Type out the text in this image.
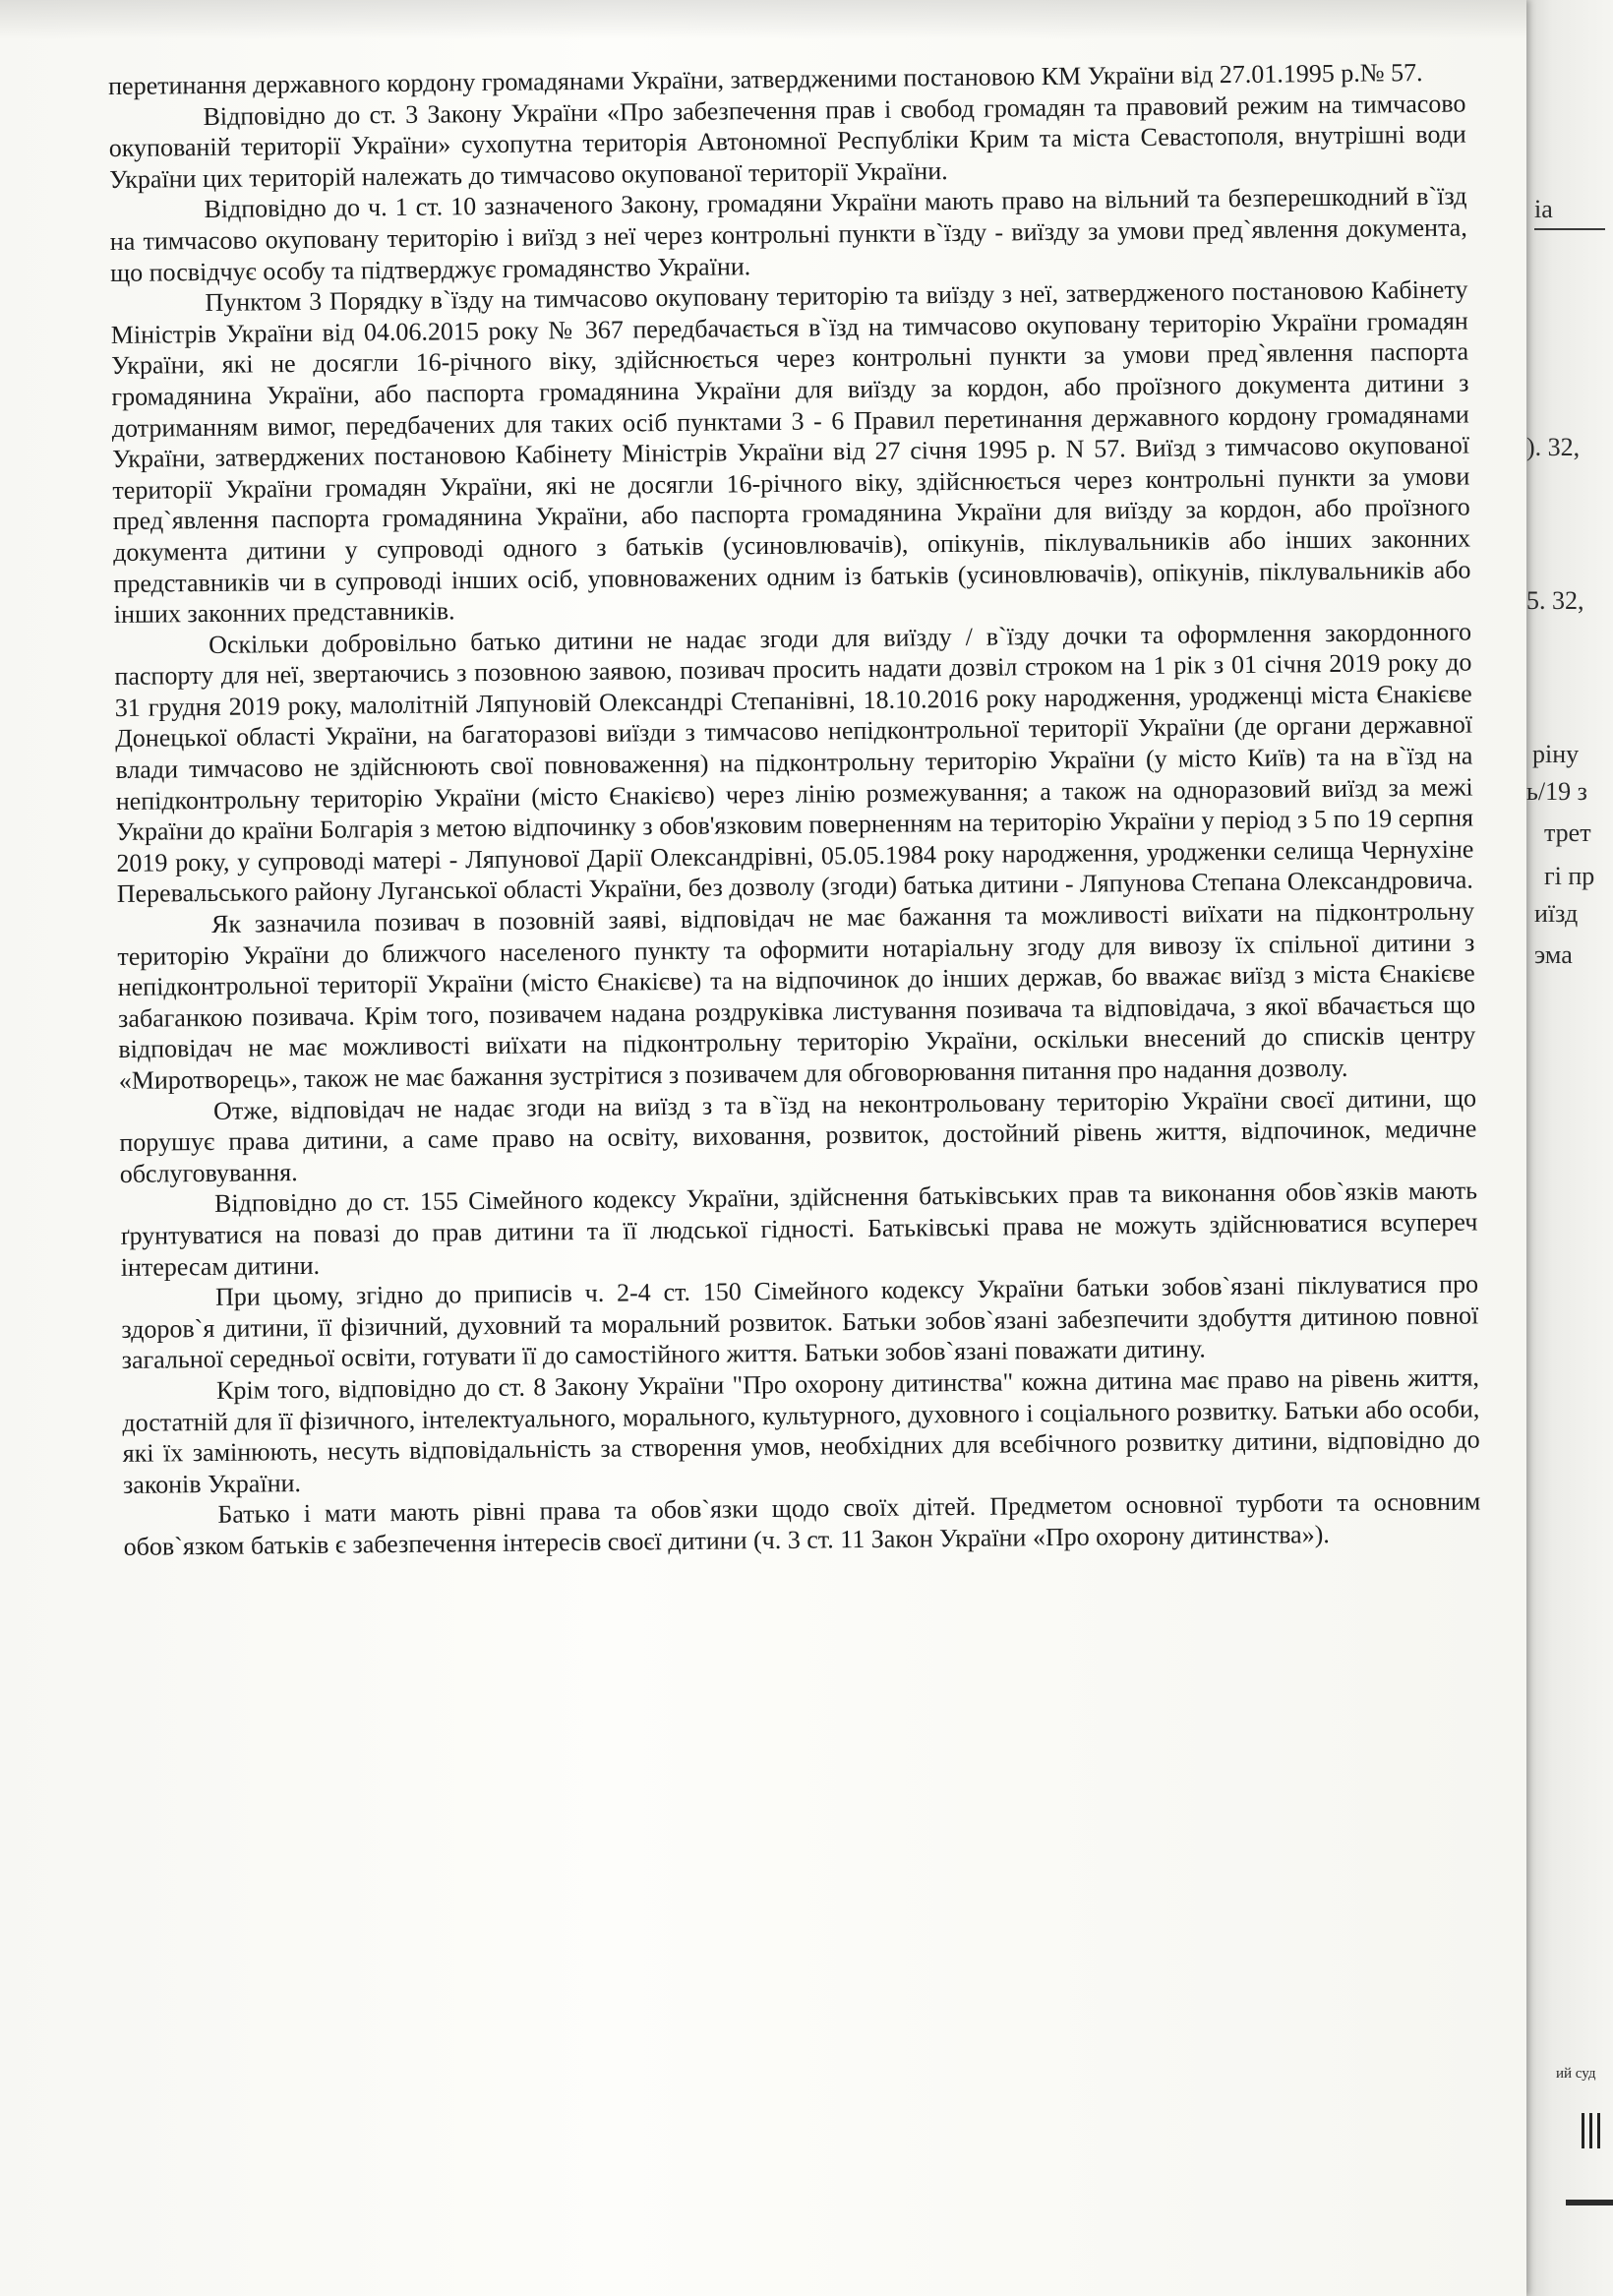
іа
). 32,
5. 32,
ріну
ь/19 з
трет
гі пр
иїзд
эма
ий суд

перетинання державного кордону громадянами України, затвердженими постановою КМ України від 27.01.1995 р.№ 57.

Відповідно до ст. 3 Закону України «Про забезпечення прав і свобод громадян та правовий режим на тимчасово окупованій території України» сухопутна територія Автономної Республіки Крим та міста Севастополя, внутрішні води України цих територій належать до тимчасово окупованої території України.

Відповідно до ч. 1 ст. 10 зазначеного Закону, громадяни України мають право на вільний та безперешкодний в`їзд на тимчасово окуповану територію і виїзд з неї через контрольні пункти в`їзду - виїзду за умови пред`явлення документа, що посвідчує особу та підтверджує громадянство України.

Пунктом 3 Порядку в`їзду на тимчасово окуповану територію та виїзду з неї, затвердженого постановою Кабінету Міністрів України від 04.06.2015 року № 367 передбачається в`їзд на тимчасово окуповану територію України громадян України, які не досягли 16-річного віку, здійснюється через контрольні пункти за умови пред`явлення паспорта громадянина України, або паспорта громадянина України для виїзду за кордон, або проїзного документа дитини з дотриманням вимог, передбачених для таких осіб пунктами 3 - 6 Правил перетинання державного кордону громадянами України, затверджених постановою Кабінету Міністрів України від 27 січня 1995 р. N 57. Виїзд з тимчасово окупованої території України громадян України, які не досягли 16-річного віку, здійснюється через контрольні пункти за умови пред`явлення паспорта громадянина України, або паспорта громадянина України для виїзду за кордон, або проїзного документа дитини у супроводі одного з батьків (усиновлювачів), опікунів, піклувальників або інших законних представників чи в супроводі інших осіб, уповноважених одним із батьків (усиновлювачів), опікунів, піклувальників або інших законних представників.

Оскільки добровільно батько дитини не надає згоди для виїзду / в`їзду дочки та оформлення закордонного паспорту для неї, звертаючись з позовною заявою, позивач просить надати дозвіл строком на 1 рік з 01 січня 2019 року до 31 грудня 2019 року, малолітній Ляпуновій Олександрі Степанівні, 18.10.2016 року народження, уродженці міста Єнакієве Донецької області України, на багаторазові виїзди з тимчасово непідконтрольної території України (де органи державної влади тимчасово не здійснюють свої повноваження) на підконтрольну територію України (у місто Київ) та на в`їзд на непідконтрольну територію України (місто Єнакієво) через лінію розмежування; а також на одноразовий виїзд за межі України до країни Болгарія з метою відпочинку з обов'язковим поверненням на територію України у період з 5 по 19 серпня 2019 року, у супроводі матері - Ляпунової Дарії Олександрівні, 05.05.1984 року народження, уродженки селища Чернухіне Перевальського району Луганської області України, без дозволу (згоди) батька дитини - Ляпунова Степана Олександровича.

Як зазначила позивач в позовній заяві, відповідач не має бажання та можливості виїхати на підконтрольну територію України до ближчого населеного пункту та оформити нотаріальну згоду для вивозу їх спільної дитини з непідконтрольної території України (місто Єнакієве) та на відпочинок до інших держав, бо вважає виїзд з міста Єнакієве забаганкою позивача. Крім того, позивачем надана роздруківка листування позивача та відповідача, з якої вбачається що відповідач не має можливості виїхати на підконтрольну територію України, оскільки внесений до списків центру «Миротворець», також не має бажання зустрітися з позивачем для обговорювання питання про надання дозволу.

Отже, відповідач не надає згоди на виїзд з та в`їзд на неконтрольовану територію України своєї дитини, що порушує права дитини, а саме право на освіту, виховання, розвиток, достойний рівень життя, відпочинок, медичне обслуговування.

Відповідно до ст. 155 Сімейного кодексу України, здійснення батьківських прав та виконання обов`язків мають ґрунтуватися на повазі до прав дитини та її людської гідності. Батьківські права не можуть здійснюватися всупереч інтересам дитини.

При цьому, згідно до приписів ч. 2-4 ст. 150 Сімейного кодексу України батьки зобов`язані піклуватися про здоров`я дитини, її фізичний, духовний та моральний розвиток. Батьки зобов`язані забезпечити здобуття дитиною повної загальної середньої освіти, готувати її до самостійного життя. Батьки зобов`язані поважати дитину.

Крім того, відповідно до ст. 8 Закону України "Про охорону дитинства" кожна дитина має право на рівень життя, достатній для її фізичного, інтелектуального, морального, культурного, духовного і соціального розвитку. Батьки або особи, які їх замінюють, несуть відповідальність за створення умов, необхідних для всебічного розвитку дитини, відповідно до законів України.

Батько і мати мають рівні права та обов`язки щодо своїх дітей. Предметом основної турботи та основним обов`язком батьків є забезпечення інтересів своєї дитини (ч. 3 ст. 11 Закон України «Про охорону дитинства»).
